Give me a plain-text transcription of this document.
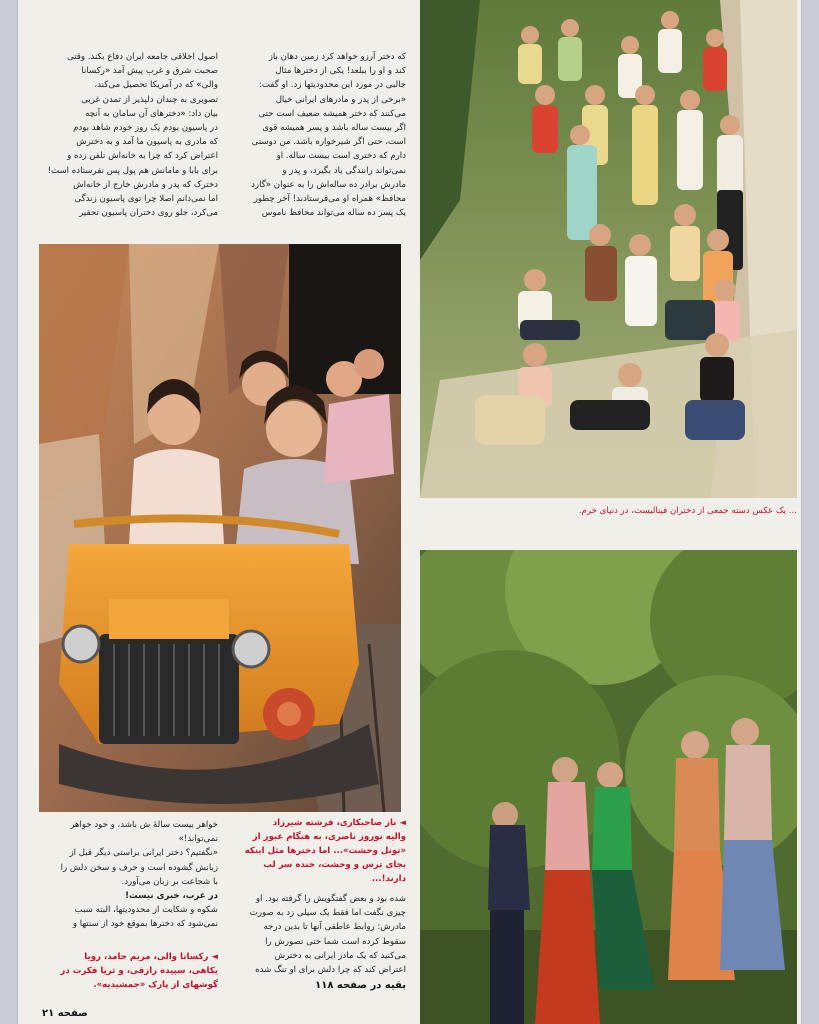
که دختر آرزو خواهد کرد زمین دهان باز
کند و او را ببلعد! یکی از دخترها مثال
جالبی در مورد این محدودیتها زد. او گفت:
«برخی از پدر و مادرهای ایرانی خیال
می‌کنند که دختر همیشه ضعیف است حتی
اگر بیست ساله باشد و پسر همیشه قوی
است، حتی اگر شیرخواره باشد. من دوستی
دارم که دختری است بیست ساله. او
نمی‌تواند رانندگی یاد بگیرد، و پدر و
مادرش برادر ده ساله‌اش را به عنوان «گارد
محافظ» همراه او می‌فرستادند! آخر چطور
یک پسر ده ساله می‌تواند محافظ ناموس
اصول اخلاقی جامعه ایران دفاع بکند. وقتی
صحبت شرق و غرب پیش آمد «رکسانا
والی» که در آمریکا تحصیل می‌کند،
تصویری به چندان دلپذیر از تمدن غربی
بیان داد: «دخترهای آن سامان به آنچه
در پاسیون بودم یک روز خودم شاهد بودم
که مادری به پاسیون ما آمد و به دخترش
اعتراض کرد که چرا به خانه‌اش تلفن زده و
برای بابا و مامانش هم پول پس نفرستاده است!
دخترک که پدر و مادرش خارج از خانه‌اش
اما نمی‌دانم اصلا چرا توی پاسیون زندگی
می‌کرد، جلو روی دختران پاسیون تحقیر
◄ ناز صاحبکاری، فرشته شیرزاد
والیه نوروز ناصری، به هنگام عبور از
«تونل وحشت»... اما دخترها مثل اینکه
بجای ترس و وحشت، خنده سر لب
دارند!...
خواهر بیست سالهٔ ش باشد، و خود خواهر
نمی‌تواند!»
«نگفتیم؟ دختر ایرانی براستی دیگر قبل از
زبانش گشوده است و حرف و سخن دلش را
با شجاعت بر زبان می‌آورد.
در غرب، خبری نیست!
شکوه و شکایت از محدودیتها، البته سبب
نمی‌شود که دخترها بموقع خود از سنتها و
شده بود و بعض گفتگویش را گرفته بود. او
چیزی نگفت اما فقط یک سیلی زد به صورت
مادرش: روابط عاطفی آنها تا بدین درجه
سقوط کرده است شما حتی تصورش را
می‌کنید که یک مادر ایرانی به دخترش
اعتراض کند که چرا دلش برای او تنگ شده
◄ رکسانا والی، مریم حامد، رویا
یکاهی، سپیده رازقی، و ثریا فکرت در
گوشهای از پارک «جمشیدیه».	بقیه در صفحه ۱۱۸
صفحه ۲۱
... یک عکس دسته جمعی از دختران فینالیست، در دنیای خرم.
